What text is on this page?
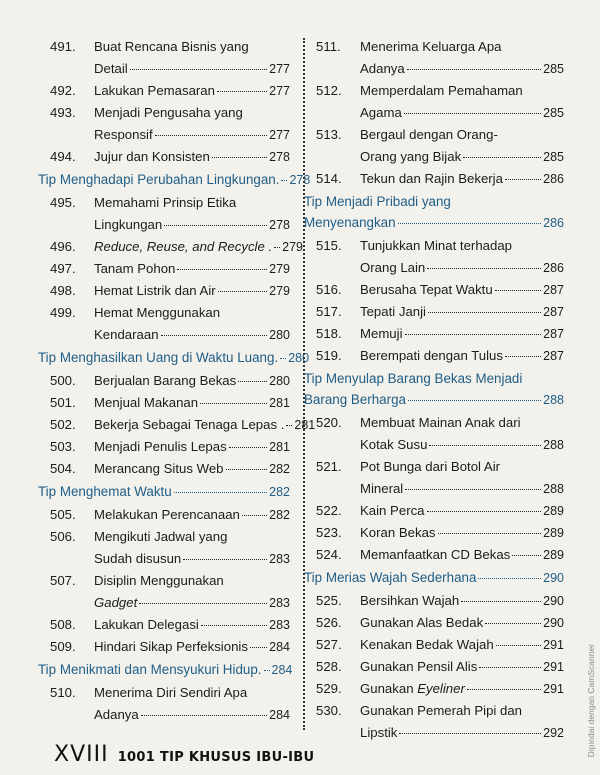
491.	Buat Rencana Bisnis yang
Detail	277
492.	Lakukan Pemasaran	277
493.	Menjadi Pengusaha yang
Responsif	277
494.	Jujur dan Konsisten	278
Tip Menghadapi Perubahan Lingkungan. 278
495.	Memahami Prinsip Etika
Lingkungan	278
496.	Reduce, Reuse, and Recycle . 279
497.	Tanam Pohon	279
498.	Hemat Listrik dan Air	279
499.	Hemat Menggunakan
Kendaraan	280
Tip Menghasilkan Uang di Waktu Luang. 280
500.	Berjualan Barang Bekas	280
501.	Menjual Makanan	281
502.	Bekerja Sebagai Tenaga Lepas . 281
503.	Menjadi Penulis Lepas	281
504.	Merancang Situs Web	282
Tip Menghemat Waktu	282
505.	Melakukan Perencanaan 282
506.	Mengikuti Jadwal yang
Sudah disusun	283
507.	Disiplin Menggunakan
Gadget	283
508.	Lakukan Delegasi	283
509.	Hindari Sikap Perfeksionis 284
Tip Menikmati dan Mensyukuri Hidup. 284
510.	Menerima Diri Sendiri Apa
Adanya	284
511.	Menerima Keluarga Apa
Adanya	285
512.	Memperdalam Pemahaman
Agama	285
513.	Bergaul dengan Orang-
Orang yang Bijak	285
514.	Tekun dan Rajin Bekerja	286
Tip Menjadi Pribadi yang
Menyenangkan	286
515.	Tunjukkan Minat terhadap
Orang Lain	286
516.	Berusaha Tepat Waktu	287
517.	Tepati Janji	287
518.	Memuji	287
519.	Berempati dengan Tulus	287
Tip Menyulap Barang Bekas Menjadi
Barang Berharga	288
520.	Membuat Mainan Anak dari
Kotak Susu	288
521.	Pot Bunga dari Botol Air
Mineral	288
522.	Kain Perca	289
523.	Koran Bekas	289
524.	Memanfaatkan CD Bekas	289
Tip Merias Wajah Sederhana	290
525.	Bersihkan Wajah	290
526.	Gunakan Alas Bedak	290
527.	Kenakan Bedak Wajah	291
528.	Gunakan Pensil Alis	291
529.	Gunakan Eyeliner	291
530.	Gunakan Pemerah Pipi dan
Lipstik	292
XVIII 1001 TIP KHUSUS IBU-IBU
Dipindai dengan CamScanner
